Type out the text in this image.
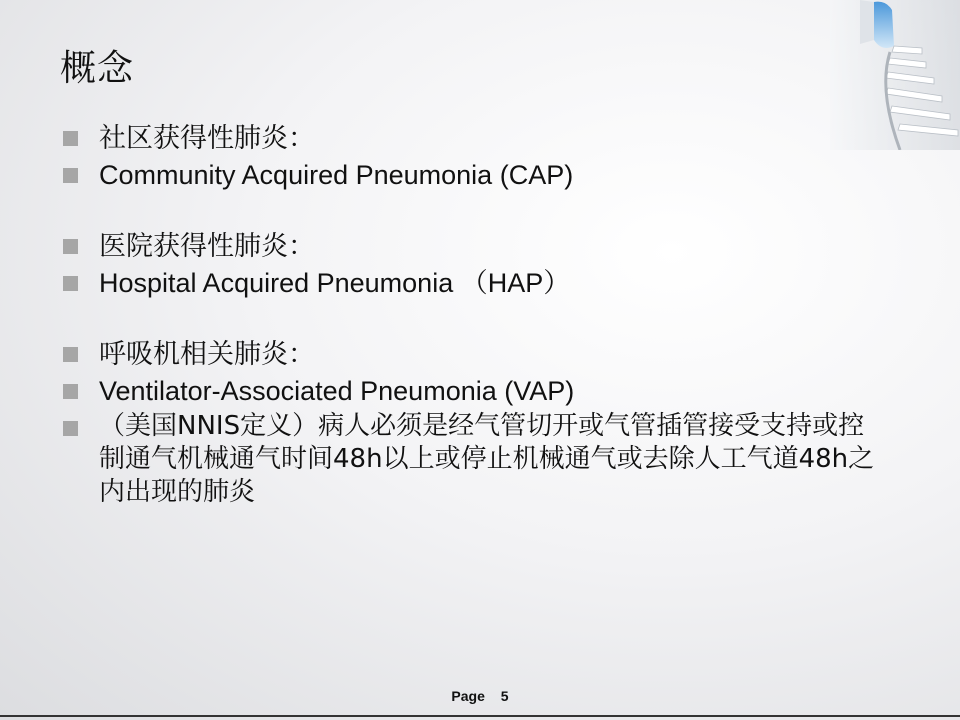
概念
社区获得性肺炎：
Community Acquired Pneumonia (CAP)
医院获得性肺炎：
Hospital Acquired Pneumonia （HAP）
呼吸机相关肺炎：
Ventilator-Associated Pneumonia (VAP)
（美国NNIS定义）病人必须是经气管切开或气管插管接受支持或控制通气机械通气时间48h以上或停止机械通气或去除人工气道48h之内出现的肺炎
Page 5
